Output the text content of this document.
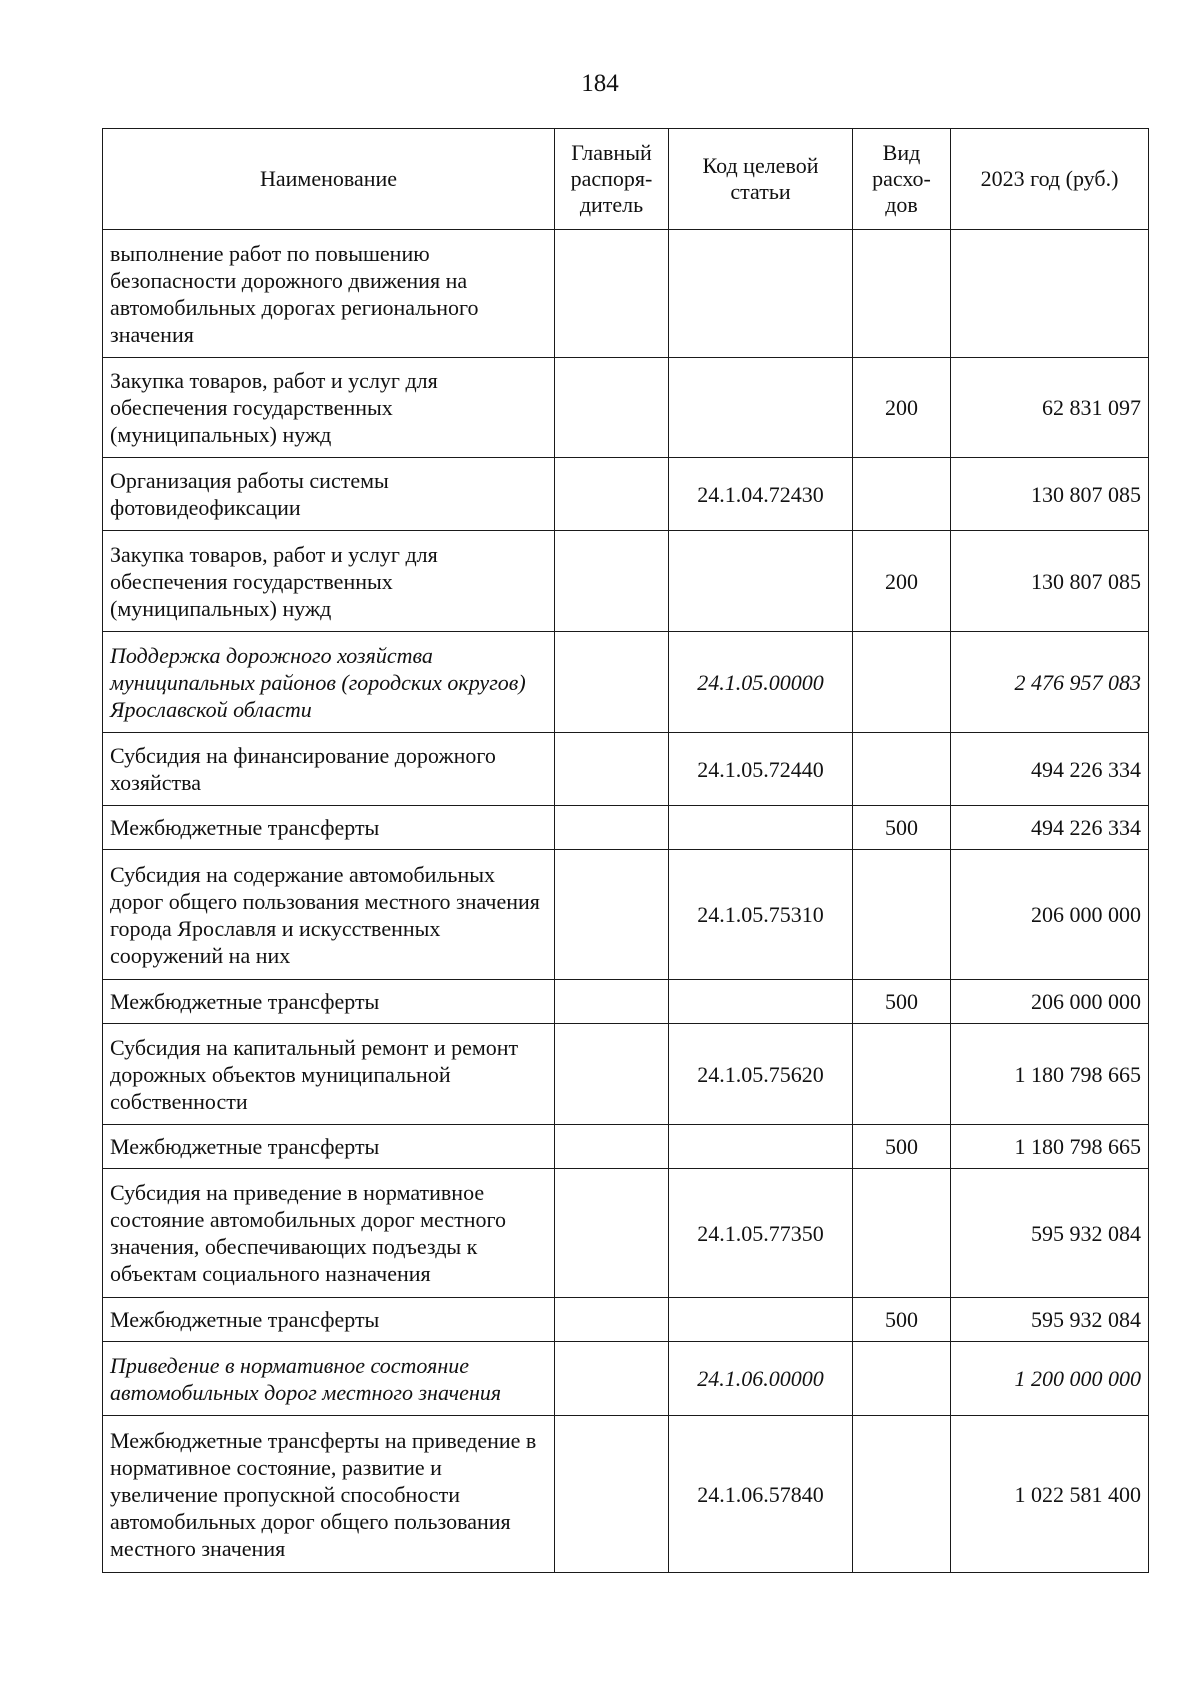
184
Наименование	Главный распоря-дитель	Код целевой статьи	Вид расхо-дов	2023 год (руб.)
выполнение работ по повышению безопасности дорожного движения на автомобильных дорогах регионального значения				
Закупка товаров, работ и услуг для обеспечения государственных (муниципальных) нужд			200	62 831 097
Организация работы системы фотовидеофиксации		24.1.04.72430		130 807 085
Закупка товаров, работ и услуг для обеспечения государственных (муниципальных) нужд			200	130 807 085
Поддержка дорожного хозяйства муниципальных районов (городских округов) Ярославской области		24.1.05.00000		2 476 957 083
Субсидия на финансирование дорожного хозяйства		24.1.05.72440		494 226 334
Межбюджетные трансферты			500	494 226 334
Субсидия на содержание автомобильных дорог общего пользования местного значения города Ярославля и искусственных сооружений на них		24.1.05.75310		206 000 000
Межбюджетные трансферты			500	206 000 000
Субсидия на капитальный ремонт и ремонт дорожных объектов муниципальной собственности		24.1.05.75620		1 180 798 665
Межбюджетные трансферты			500	1 180 798 665
Субсидия на приведение в нормативное состояние автомобильных дорог местного значения, обеспечивающих подъезды к объектам социального назначения		24.1.05.77350		595 932 084
Межбюджетные трансферты			500	595 932 084
Приведение в нормативное состояние автомобильных дорог местного значения		24.1.06.00000		1 200 000 000
Межбюджетные трансферты на приведение в нормативное состояние, развитие и увеличение пропускной способности автомобильных дорог общего пользования местного значения		24.1.06.57840		1 022 581 400
